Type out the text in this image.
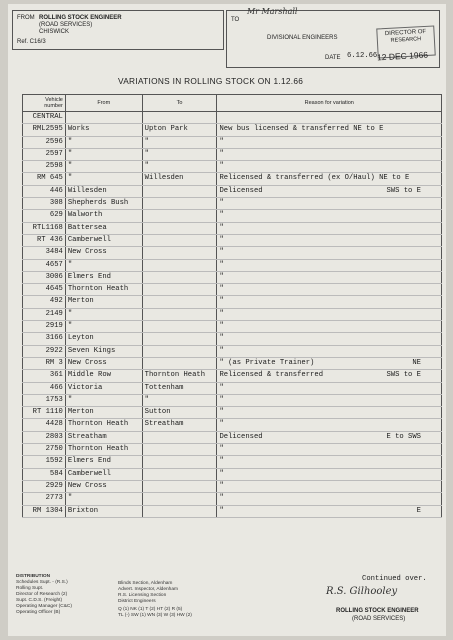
FROM ROLLING STOCK ENGINEER
(ROAD SERVICES)
CHISWICK
Ref. C16/3
TO
Mr Marshall
DIVISIONAL ENGINEERS
DATE 6.12.66
DIRECTOR OF
RESEARCH
12 DEC 1966
VARIATIONS IN ROLLING STOCK ON 1.12.66
Vehicle number	From	To	Reason for variation
CENTRAL			

RML2595	Works	Upton Park	New bus licensed & transferred NE to E

2596	"	"	"

2597	"	"	"

2598	"	"	"

RM 645	"	Willesden	Relicensed & transferred (ex O/Haul) NE to E

446	Willesden		Delicensed SWS to E

308	Shepherds Bush		"

629	Walworth		"

RTL1168	Battersea		"

RT 436	Camberwell		"

3484	New Cross		"

4657	"		"

3006	Elmers End		"

4645	Thornton Heath		"

492	Merton		"

2149	"		"

2919	"		"

3166	Leyton		"

2922	Seven Kings		"

RM 3	New Cross		" (as Private Trainer) NE

361	Middle Row	Thornton Heath	Relicensed & transferred SWS to E

466	Victoria	Tottenham	"

1753	"	"	"

RT 1110	Merton	Sutton	"

4428	Thornton Heath	Streatham	"

2803	Streatham		Delicensed E to SWS

2750	Thornton Heath		"

1592	Elmers End		"

584	Camberwell		"

2929	New Cross		"

2773	"		"

RM 1304	Brixton		" E
Continued over.
DISTRIBUTION
Schedules Supt. - (R.S.)
Rolling Supt.
Director of Research (2)
Supt. C.D.S. (Freight)
Operating Manager (C&C)
Operating Officer (B)
Blinds Section, Aldenham
Advert. Inspector, Aldenham
R.S. Licensing Section
District Engineers
Q (1) NK (1) T (2) HT (2) R (5)
TL (-) SW (1) WN (3) W (3) HW (2)
R.S. Gilhooley
ROLLING STOCK ENGINEER
(ROAD SERVICES)
